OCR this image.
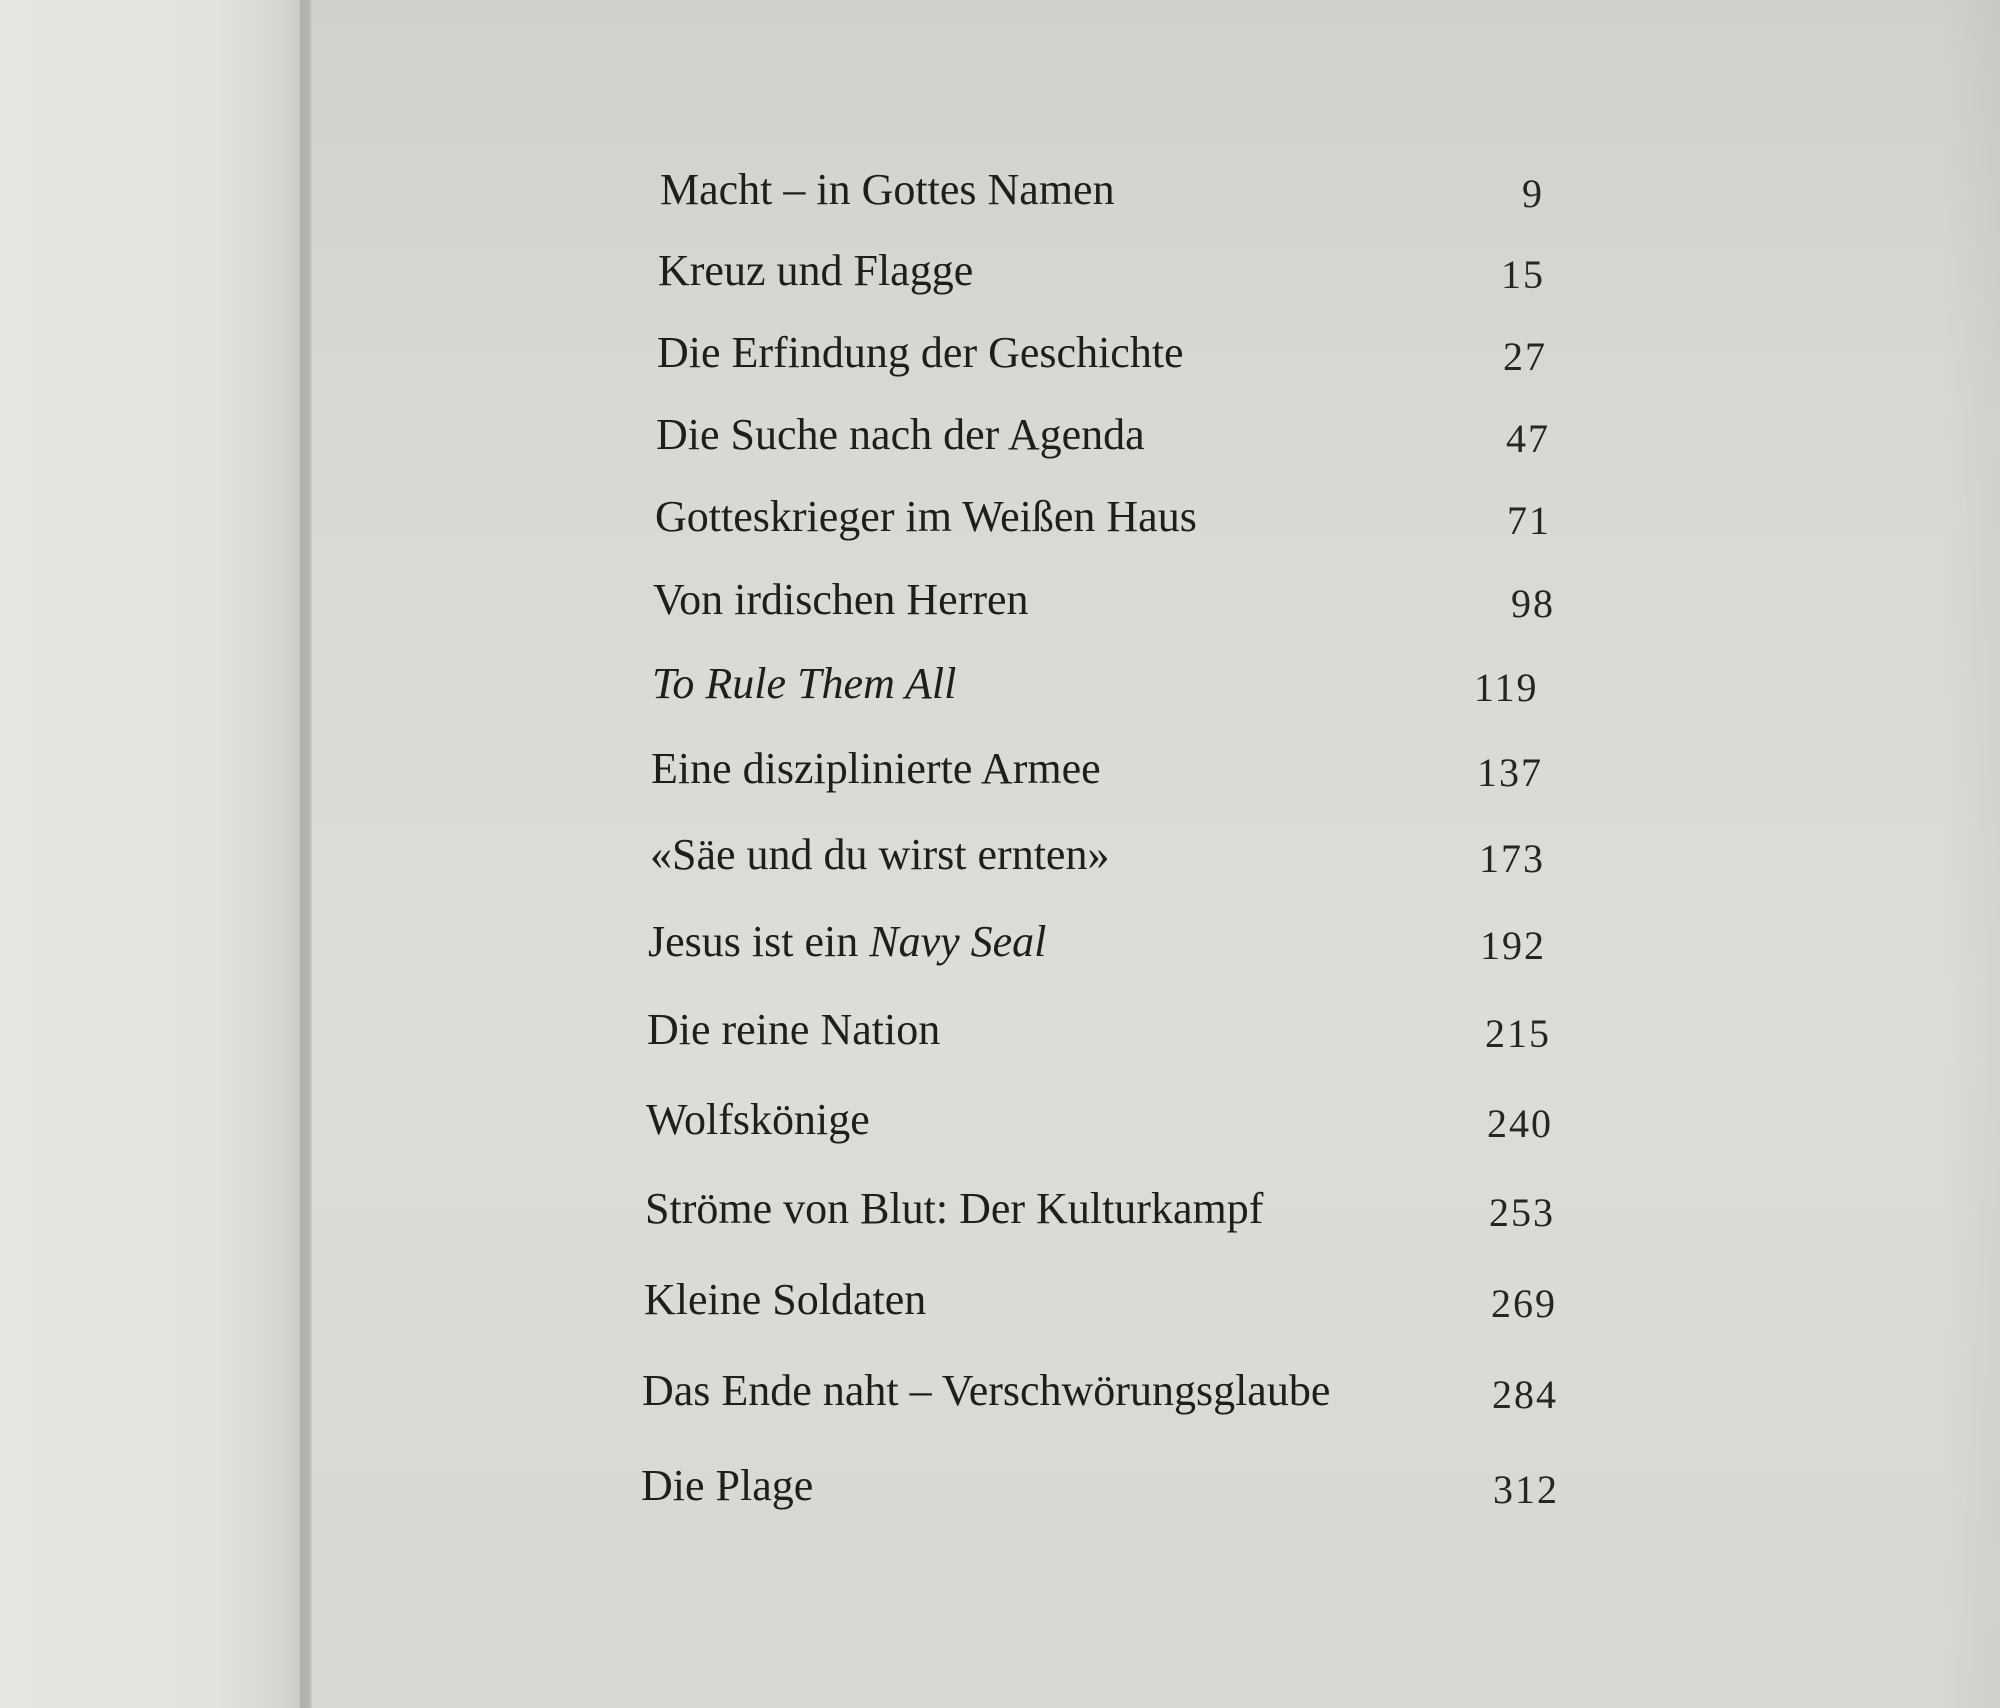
Macht – in Gottes Namen	9
Kreuz und Flagge	15
Die Erfindung der Geschichte	27
Die Suche nach der Agenda	47
Gotteskrieger im Weißen Haus	71
Von irdischen Herren	98
To Rule Them All	119
Eine disziplinierte Armee	137
«Säe und du wirst ernten»	173
Jesus ist ein Navy Seal	192
Die reine Nation	215
Wolfskönige	240
Ströme von Blut: Der Kulturkampf	253
Kleine Soldaten	269
Das Ende naht – Verschwörungsglaube	284
Die Plage	312
